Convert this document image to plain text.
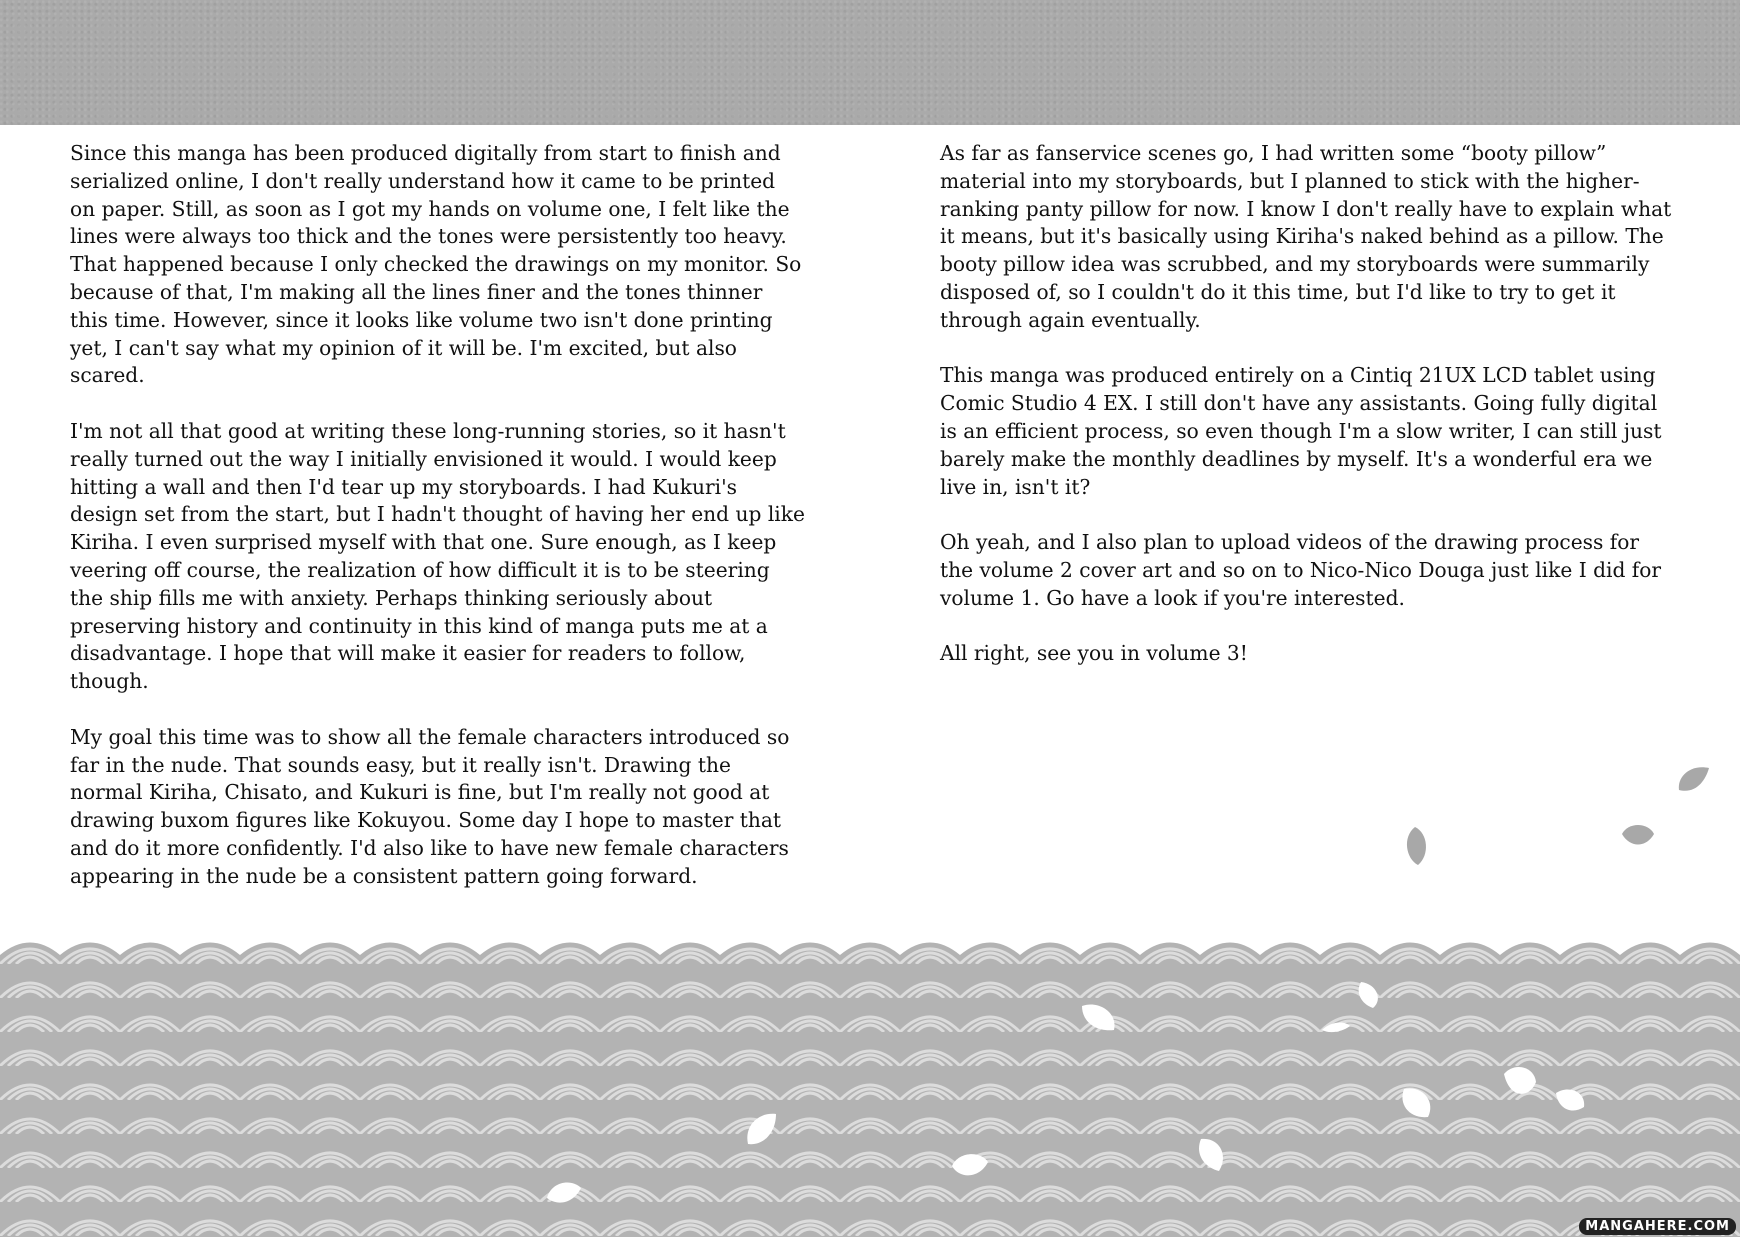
Since this manga has been produced digitally from start to finish and serialized online, I don't really understand how it came to be printed on paper. Still, as soon as I got my hands on volume one, I felt like the lines were always too thick and the tones were persistently too heavy. That happened because I only checked the drawings on my monitor. So because of that, I'm making all the lines finer and the tones thinner this time. However, since it looks like volume two isn't done printing yet, I can't say what my opinion of it will be. I'm excited, but also scared.

I'm not all that good at writing these long-running stories, so it hasn't really turned out the way I initially envisioned it would. I would keep hitting a wall and then I'd tear up my storyboards. I had Kukuri's design set from the start, but I hadn't thought of having her end up like Kiriha. I even surprised myself with that one. Sure enough, as I keep veering off course, the realization of how difficult it is to be steering the ship fills me with anxiety. Perhaps thinking seriously about preserving history and continuity in this kind of manga puts me at a disadvantage. I hope that will make it easier for readers to follow, though.

My goal this time was to show all the female characters introduced so far in the nude. That sounds easy, but it really isn't. Drawing the normal Kiriha, Chisato, and Kukuri is fine, but I'm really not good at drawing buxom figures like Kokuyou. Some day I hope to master that and do it more confidently. I'd also like to have new female characters appearing in the nude be a consistent pattern going forward.

As far as fanservice scenes go, I had written some “booty pillow” material into my storyboards, but I planned to stick with the higher-ranking panty pillow for now. I know I don't really have to explain what it means, but it's basically using Kiriha's naked behind as a pillow. The booty pillow idea was scrubbed, and my storyboards were summarily disposed of, so I couldn't do it this time, but I'd like to try to get it through again eventually.

This manga was produced entirely on a Cintiq 21UX LCD tablet using Comic Studio 4 EX. I still don't have any assistants. Going fully digital is an efficient process, so even though I'm a slow writer, I can still just barely make the monthly deadlines by myself. It's a wonderful era we live in, isn't it?

Oh yeah, and I also plan to upload videos of the drawing process for the volume 2 cover art and so on to Nico-Nico Douga just like I did for volume 1. Go have a look if you're interested.

All right, see you in volume 3!

MANGAHERE.COM
